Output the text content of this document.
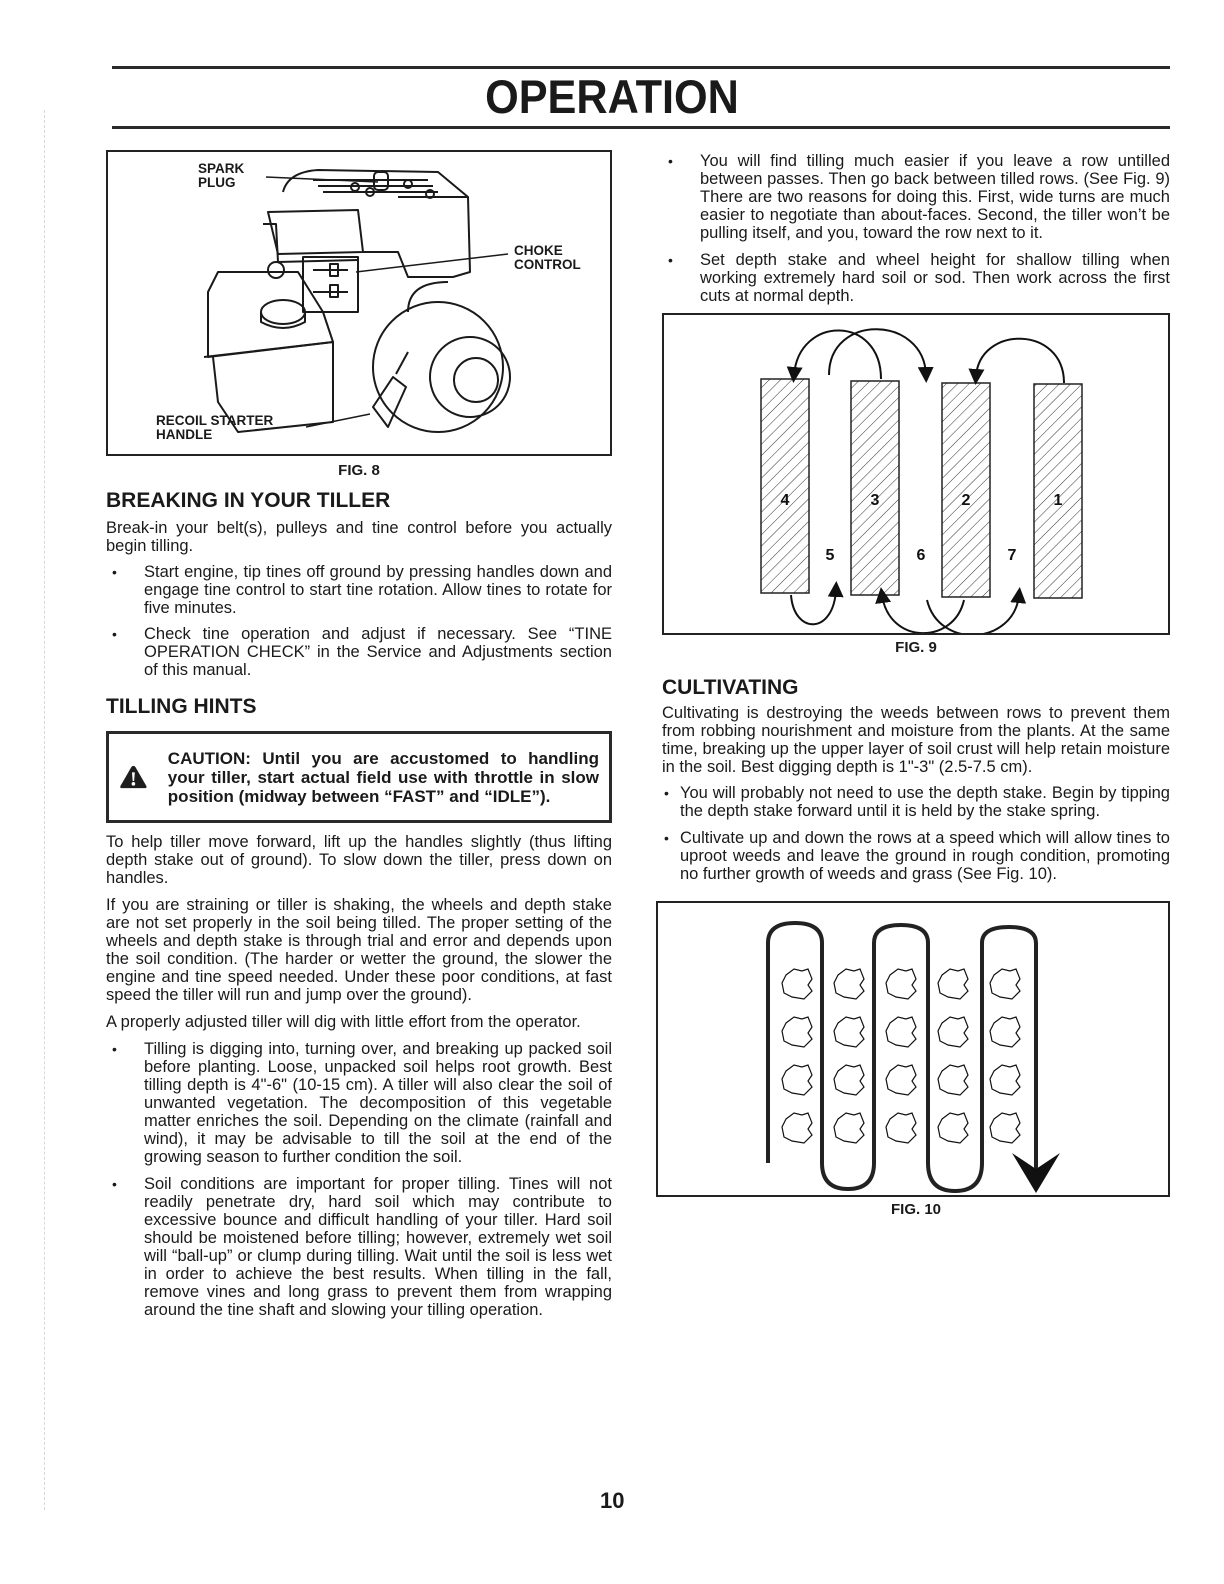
OPERATION
SPARK
PLUG
CHOKE
CONTROL
RECOIL STARTER
HANDLE
FIG. 8
BREAKING IN YOUR TILLER

Break-in your belt(s), pulleys and tine control before you actually begin tilling.

• Start engine, tip tines off ground by pressing handles down and engage tine control to start tine rotation. Allow tines to rotate for five minutes.
• Check tine operation and adjust if necessary. See “TINE OPERATION CHECK” in the Service and Adjustments section of this manual.
TILLING HINTS
CAUTION: Until you are accustomed to handling your tiller, start actual field use with throttle in slow position (midway between “FAST” and “IDLE”).

To help tiller move forward, lift up the handles slightly (thus lifting depth stake out of ground). To slow down the tiller, press down on handles.

If you are straining or tiller is shaking, the wheels and depth stake are not set properly in the soil being tilled. The proper setting of the wheels and depth stake is through trial and error and depends upon the soil condition. (The harder or wetter the ground, the slower the engine and tine speed needed. Under these poor conditions, at fast speed the tiller will run and jump over the ground).

A properly adjusted tiller will dig with little effort from the operator.

• Tilling is digging into, turning over, and breaking up packed soil before planting. Loose, unpacked soil helps root growth. Best tilling depth is 4"-6" (10-15 cm). A tiller will also clear the soil of unwanted vegetation. The decomposition of this vegetable matter enriches the soil. Depending on the climate (rainfall and wind), it may be advisable to till the soil at the end of the growing season to further condition the soil.
• Soil conditions are important for proper tilling. Tines will not readily penetrate dry, hard soil which may contribute to excessive bounce and difficult handling of your tiller. Hard soil should be moistened before tilling; however, extremely wet soil will “ball-up” or clump during tilling. Wait until the soil is less wet in order to achieve the best results. When tilling in the fall, remove vines and long grass to prevent them from wrapping around the tine shaft and slowing your tilling operation.
• You will find tilling much easier if you leave a row untilled between passes. Then go back between tilled rows. (See Fig. 9) There are two reasons for doing this. First, wide turns are much easier to negotiate than about-faces. Second, the tiller won’t be pulling itself, and you, toward the row next to it.
• Set depth stake and wheel height for shallow tilling when working extremely hard soil or sod. Then work across the first cuts at normal depth.
4	3	2	1
5	6	7
FIG. 9
CULTIVATING

Cultivating is destroying the weeds between rows to prevent them from robbing nourishment and moisture from the plants. At the same time, breaking up the upper layer of soil crust will help retain moisture in the soil. Best digging depth is 1"-3" (2.5-7.5 cm).

• You will probably not need to use the depth stake. Begin by tipping the depth stake forward until it is held by the stake spring.
• Cultivate up and down the rows at a speed which will allow tines to uproot weeds and leave the ground in rough condition, promoting no further growth of weeds and grass (See Fig. 10).
FIG. 10
10
